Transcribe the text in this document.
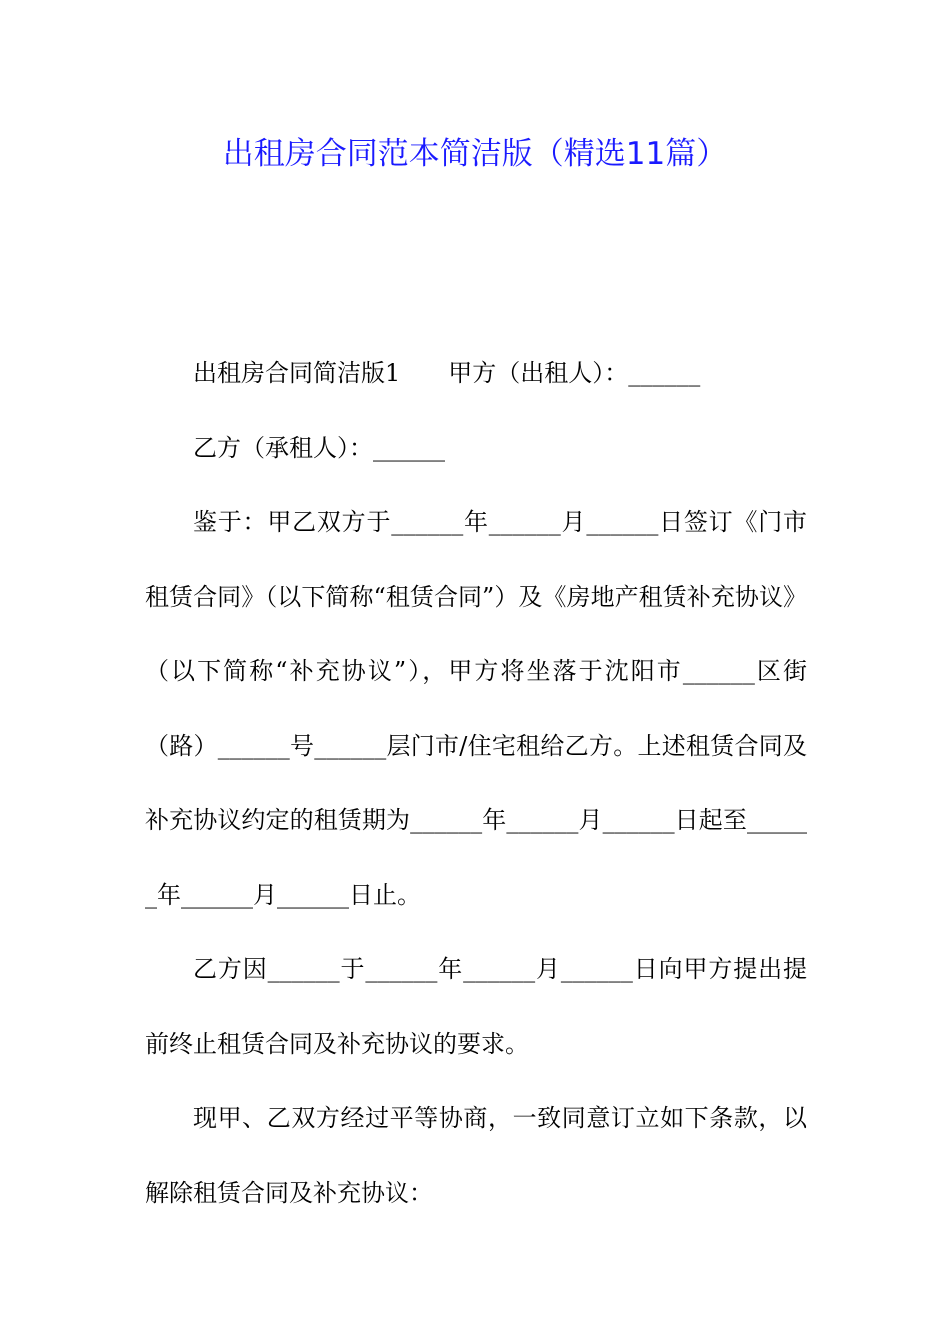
出租房合同范本简洁版（精选11篇）

出租房合同简洁版1 甲方（出租人）：______

乙方（承租人）：______

鉴于：甲乙双方于______年______月______日签订《门市租赁合同》（以下简称“租赁合同”）及《房地产租赁补充协议》（以下简称“补充协议”），甲方将坐落于沈阳市______区街（路）______号______层门市/住宅租给乙方。上述租赁合同及补充协议约定的租赁期为______年______月______日起至______年______月______日止。

乙方因______于______年______月______日向甲方提出提前终止租赁合同及补充协议的要求。

现甲、乙双方经过平等协商，一致同意订立如下条款，以解除租赁合同及补充协议：
